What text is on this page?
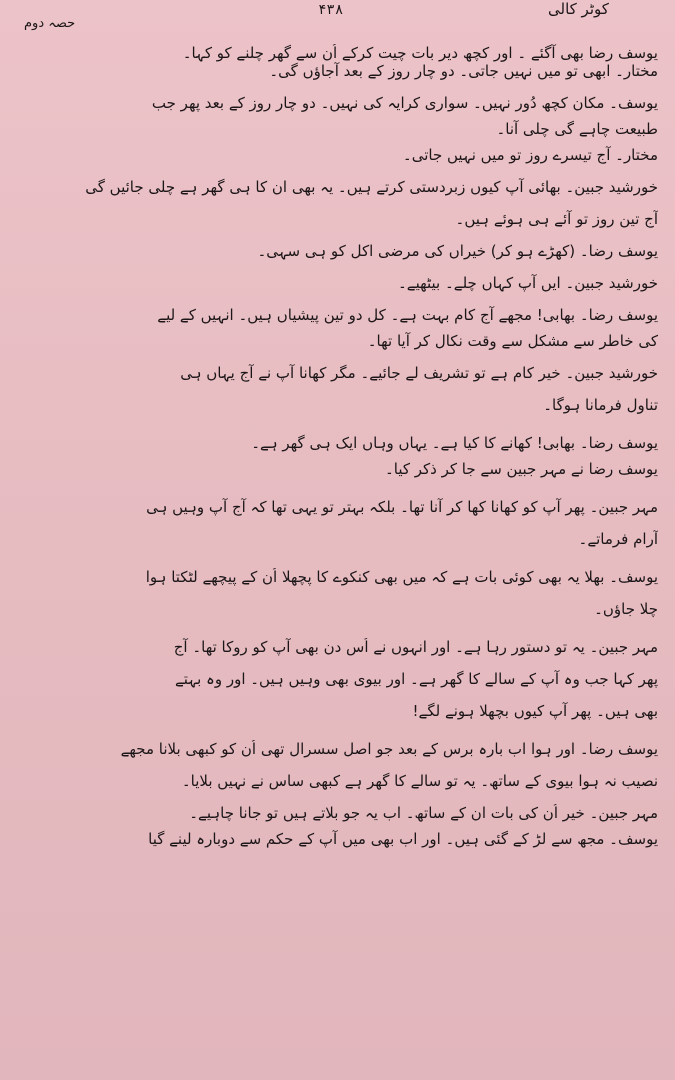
کوٹر کالی
۴۳۸
حصہ دوم
یوسف رضا بھی آگئے ۔ اور کچھ دیر بات چیت کرکے اُن سے گھر چلنے کو کہا۔
مختار۔ ابھی تو میں نہیں جاتی۔ دو چار روز کے بعد آجاؤں گی۔
یوسف۔ مکان کچھ دُور نہیں۔ سواری کرایہ کی نہیں۔ دو چار روز کے بعد پھر جب
طبیعت چاہے گی چلی آنا۔
مختار۔ آج تیسرے روز تو میں نہیں جاتی۔
خورشید جبین۔ بھائی آپ کیوں زبردستی کرتے ہیں۔ یہ بھی ان کا ہی گھر ہے چلی جائیں گی
آج تین روز تو آئے ہی ہوئے ہیں۔
یوسف رضا۔ (کھڑے ہو کر) خیراں کی مرضی اکل کو ہی سہی۔
خورشید جبین۔ ایں آپ کہاں چلے۔ بیٹھیے۔
یوسف رضا۔ بھابی! مجھے آج کام بہت ہے۔ کل دو تین پیشیاں ہیں۔ انہیں کے لیے
کی خاطر سے مشکل سے وقت نکال کر آیا تھا۔
خورشید جبین۔ خیر کام ہے تو تشریف لے جائیے۔ مگر کھانا آپ نے آج یہاں ہی
تناول فرمانا ہوگا۔
یوسف رضا۔ بھابی! کھانے کا کیا ہے۔ یہاں وہاں ایک ہی گھر ہے۔
یوسف رضا نے مہر جبین سے جا کر ذکر کیا۔
مہر جبین۔ پھر آپ کو کھانا کھا کر آنا تھا۔ بلکہ بہتر تو یہی تھا کہ آج آپ وہیں ہی
آرام فرماتے۔
یوسف۔ بھلا یہ بھی کوئی بات ہے کہ میں بھی کنکوے کا پچھلا اُن کے پیچھے لٹکتا ہوا
چلا جاؤں۔
مہر جبین۔ یہ تو دستور رہا ہے۔ اور انہوں نے اُس دن بھی آپ کو روکا تھا۔ آج
پھر کہا جب وہ آپ کے سالے کا گھر ہے۔ اور بیوی بھی وہیں ہیں۔ اور وہ بہتے
بھی ہیں۔ پھر آپ کیوں بچھلا ہونے لگے!
یوسف رضا۔ اور ہوا اب بارہ برس کے بعد جو اصل سسرال تھی اُن کو کبھی بلانا مجھے
نصیب نہ ہوا بیوی کے ساتھ۔ یہ تو سالے کا گھر ہے کبھی ساس نے نہیں بلایا۔
مہر جبین۔ خیر اُن کی بات ان کے ساتھ۔ اب یہ جو بلاتے ہیں تو جانا چاہیے۔
یوسف۔ مجھ سے لڑ کے گئی ہیں۔ اور اب بھی میں آپ کے حکم سے دوبارہ لینے گیا
